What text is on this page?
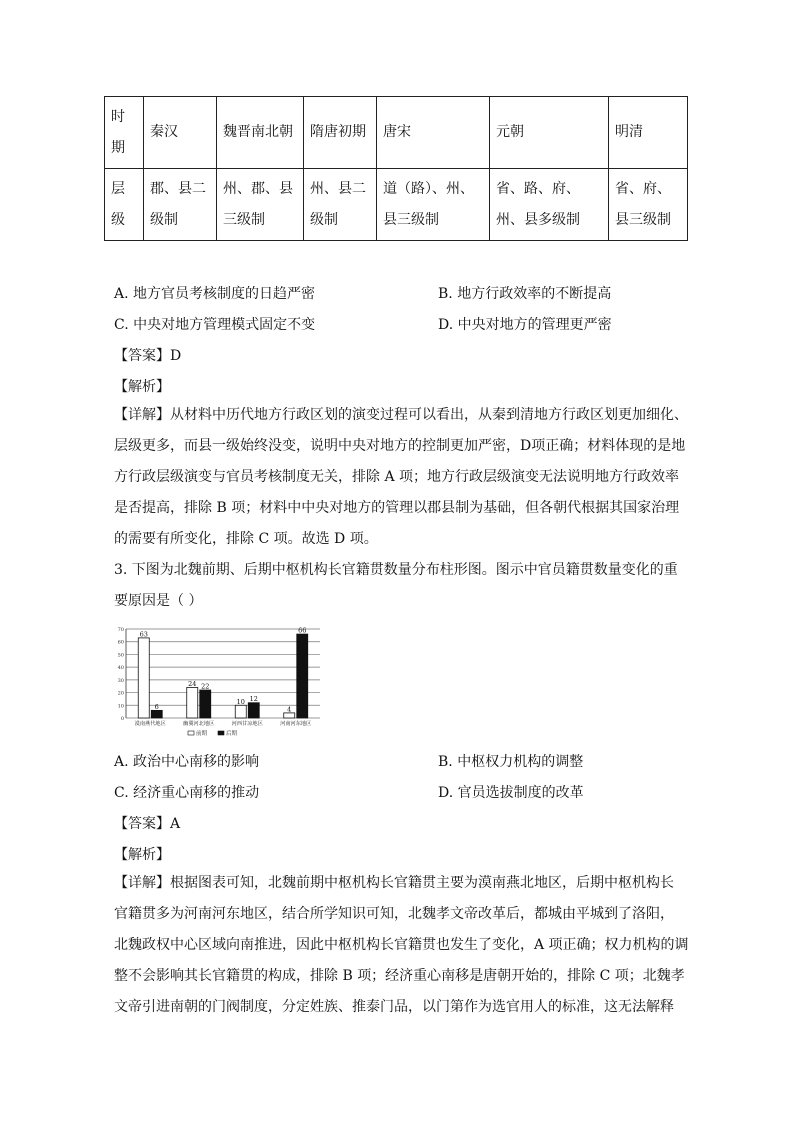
时期	秦汉	魏晋南北朝	隋唐初期	唐宋	元朝	明清
层级	郡、县二级制	州、郡、县三级制	州、县二级制	道（路）、州、县三级制	省、路、府、州、县多级制	省、府、县三级制
A. 地方官员考核制度的日趋严密	B. 地方行政效率的不断提高
C. 中央对地方管理模式固定不变	D. 中央对地方的管理更严密
【答案】D
【解析】
【详解】从材料中历代地方行政区划的演变过程可以看出，从秦到清地方行政区划更加细化、
层级更多，而县一级始终没变，说明中央对地方的控制更加严密，D项正确；材料体现的是地
方行政层级演变与官员考核制度无关，排除 A 项；地方行政层级演变无法说明地方行政效率
是否提高，排除 B 项；材料中中央对地方的管理以郡县制为基础，但各朝代根据其国家治理
的需要有所变化，排除 C 项。故选 D 项。
3. 下图为北魏前期、后期中枢机构长官籍贯数量分布柱形图。图示中官员籍贯数量变化的重
要原因是（ ）
0
10
20
30
40
50
60
70
63
6
漠南燕代地区
24 22
幽冀河北地区
10 12
河西甘凉地区
4
66
河南河东地区
前期	后期
A. 政治中心南移的影响	B. 中枢权力机构的调整
C. 经济重心南移的推动	D. 官员选拔制度的改革
【答案】A
【解析】
【详解】根据图表可知，北魏前期中枢机构长官籍贯主要为漠南燕北地区，后期中枢机构长
官籍贯多为河南河东地区，结合所学知识可知，北魏孝文帝改革后，都城由平城到了洛阳，
北魏政权中心区域向南推进，因此中枢机构长官籍贯也发生了变化，A 项正确；权力机构的调
整不会影响其长官籍贯的构成，排除 B 项；经济重心南移是唐朝开始的，排除 C 项；北魏孝
文帝引进南朝的门阀制度，分定姓族、推泰门品，以门第作为选官用人的标准，这无法解释
